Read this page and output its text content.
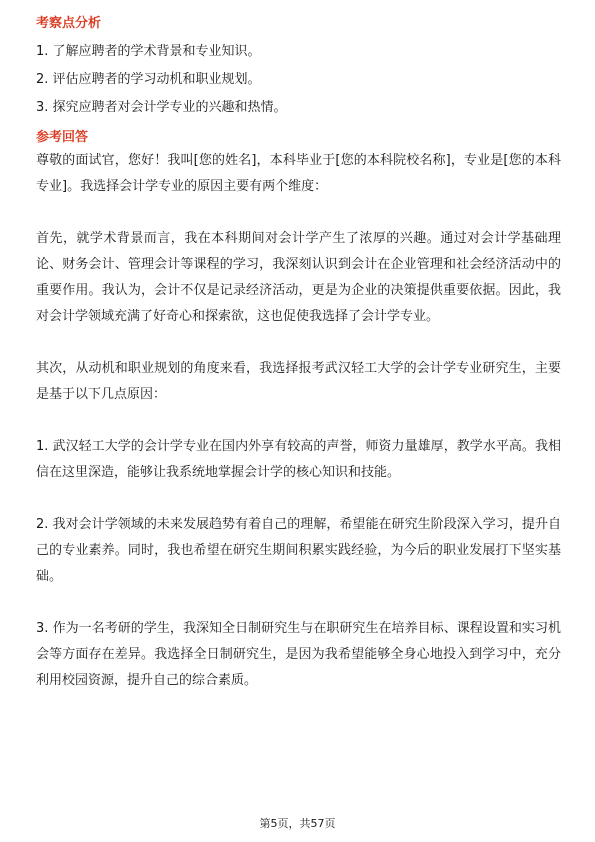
考察点分析
1. 了解应聘者的学术背景和专业知识。
2. 评估应聘者的学习动机和职业规划。
3. 探究应聘者对会计学专业的兴趣和热情。
参考回答

尊敬的面试官，您好！我叫[您的姓名]，本科毕业于[您的本科院校名称]，专业是[您的本科专业]。我选择会计学专业的原因主要有两个维度：

首先，就学术背景而言，我在本科期间对会计学产生了浓厚的兴趣。通过对会计学基础理论、财务会计、管理会计等课程的学习，我深刻认识到会计在企业管理和社会经济活动中的重要作用。我认为，会计不仅是记录经济活动，更是为企业的决策提供重要依据。因此，我对会计学领域充满了好奇心和探索欲，这也促使我选择了会计学专业。

其次，从动机和职业规划的角度来看，我选择报考武汉轻工大学的会计学专业研究生，主要是基于以下几点原因：

1. 武汉轻工大学的会计学专业在国内外享有较高的声誉，师资力量雄厚，教学水平高。我相信在这里深造，能够让我系统地掌握会计学的核心知识和技能。

2. 我对会计学领域的未来发展趋势有着自己的理解，希望能在研究生阶段深入学习，提升自己的专业素养。同时，我也希望在研究生期间积累实践经验，为今后的职业发展打下坚实基础。

3. 作为一名考研的学生，我深知全日制研究生与在职研究生在培养目标、课程设置和实习机会等方面存在差异。我选择全日制研究生，是因为我希望能够全身心地投入到学习中，充分利用校园资源，提升自己的综合素质。

第5页，共57页
